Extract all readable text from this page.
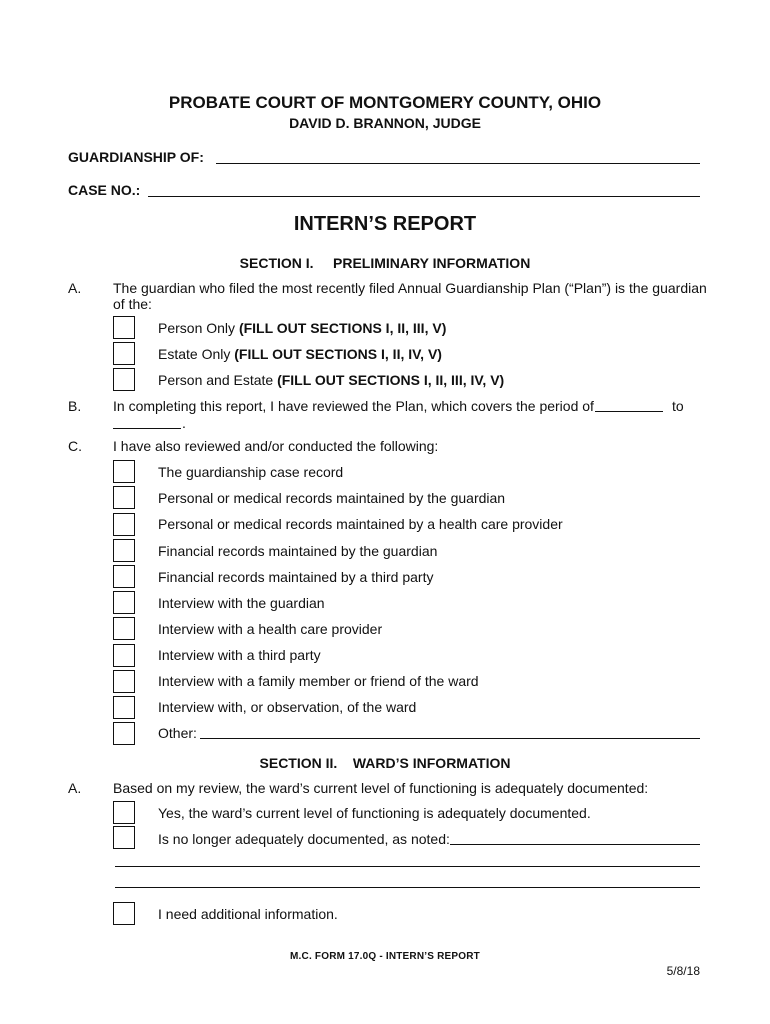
PROBATE COURT OF MONTGOMERY COUNTY, OHIO
DAVID D. BRANNON, JUDGE
GUARDIANSHIP OF:
CASE NO.:
INTERN’S REPORT
SECTION I.     PRELIMINARY INFORMATION
A. The guardian who filed the most recently filed Annual Guardianship Plan (“Plan”) is the guardian
of the:
Person Only (FILL OUT SECTIONS I, II, III, V)
Estate Only (FILL OUT SECTIONS I, II, IV, V)
Person and Estate (FILL OUT SECTIONS I, II, III, IV, V)
B. In completing this report, I have reviewed the Plan, which covers the period of	to
.
C. I have also reviewed and/or conducted the following:
The guardianship case record
Personal or medical records maintained by the guardian
Personal or medical records maintained by a health care provider
Financial records maintained by the guardian
Financial records maintained by a third party
Interview with the guardian
Interview with a health care provider
Interview with a third party
Interview with a family member or friend of the ward
Interview with, or observation, of the ward
Other:
SECTION II.    WARD’S INFORMATION
A. Based on my review, the ward’s current level of functioning is adequately documented:
Yes, the ward’s current level of functioning is adequately documented.
Is no longer adequately documented, as noted:
I need additional information.
M.C. FORM 17.0Q - INTERN’S REPORT
5/8/18
